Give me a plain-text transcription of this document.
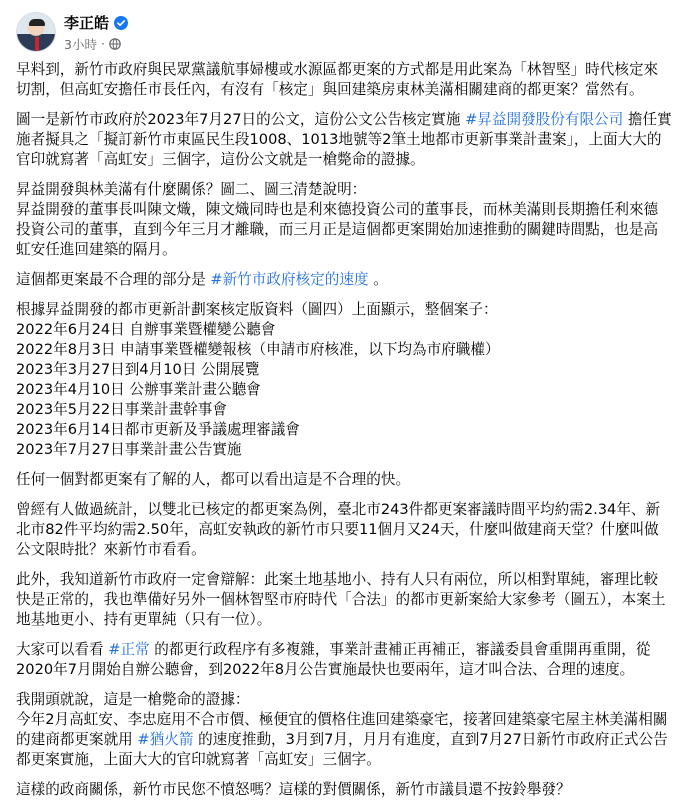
李正皓
3小時 ·

早料到，新竹市政府與民眾黨議航事婦樓或水源區都更案的方式都是用此案為「林智堅」時代核定來切割，但高虹安擔任市長任內，有沒有「核定」與回建築房東林美滿相關建商的都更案？當然有。

圖一是新竹市政府於2023年7月27日的公文，這份公文公告核定實施 #昇益開發股份有限公司 擔任實施者擬具之「擬訂新竹市東區民生段1008、1013地號等2筆土地都市更新事業計畫案」，上面大大的官印就寫著「高虹安」三個字，這份公文就是一槍斃命的證據。

昇益開發與林美滿有什麼關係？圖二、圖三清楚說明：
昇益開發的董事長叫陳文熾，陳文熾同時也是利來德投資公司的董事長，而林美滿則長期擔任利來德投資公司的董事，直到今年三月才離職，而三月正是這個都更案開始加速推動的關鍵時間點，也是高虹安任進回建築的隔月。

這個都更案最不合理的部分是 #新竹市政府核定的速度 。

根據昇益開發的都市更新計劃案核定版資料（圖四）上面顯示，整個案子：
2022年6月24日 自辦事業暨權變公聽會
2022年8月3日 申請事業暨權變報核（申請市府核准，以下均為市府職權）
2023年3月27日到4月10日 公開展覽
2023年4月10日 公辦事業計畫公聽會
2023年5月22日事業計畫幹事會
2023年6月14日都市更新及爭議處理審議會
2023年7月27日事業計畫公告實施

任何一個對都更案有了解的人，都可以看出這是不合理的快。

曾經有人做過統計，以雙北已核定的都更案為例，臺北市243件都更案審議時間平均約需2.34年、新北市82件平均約需2.50年，高虹安執政的新竹市只要11個月又24天，什麼叫做建商天堂？什麼叫做公文限時批？來新竹市看看。

此外，我知道新竹市政府一定會辯解：此案土地基地小、持有人只有兩位，所以相對單純，審理比較快是正常的，我也準備好另外一個林智堅市府時代「合法」的都市更新案給大家參考（圖五），本案土地基地更小、持有更單純（只有一位）。

大家可以看看 #正常 的都更行政程序有多複雜，事業計畫補正再補正，審議委員會重開再重開，從2020年7月開始自辦公聽會，到2022年8月公告實施最快也要兩年，這才叫合法、合理的速度。

我開頭就說，這是一槍斃命的證據：
今年2月高虹安、李忠庭用不合市價、極便宜的價格住進回建築豪宅，接著回建築豪宅屋主林美滿相關的建商都更案就用 #猶火箭 的速度推動，3月到7月，月月有進度，直到7月27日新竹市政府正式公告都更案實施，上面大大的官印就寫著「高虹安」三個字。

這樣的政商關係，新竹市民您不憤怒嗎？這樣的對價關係，新竹市議員還不按鈴舉發？
